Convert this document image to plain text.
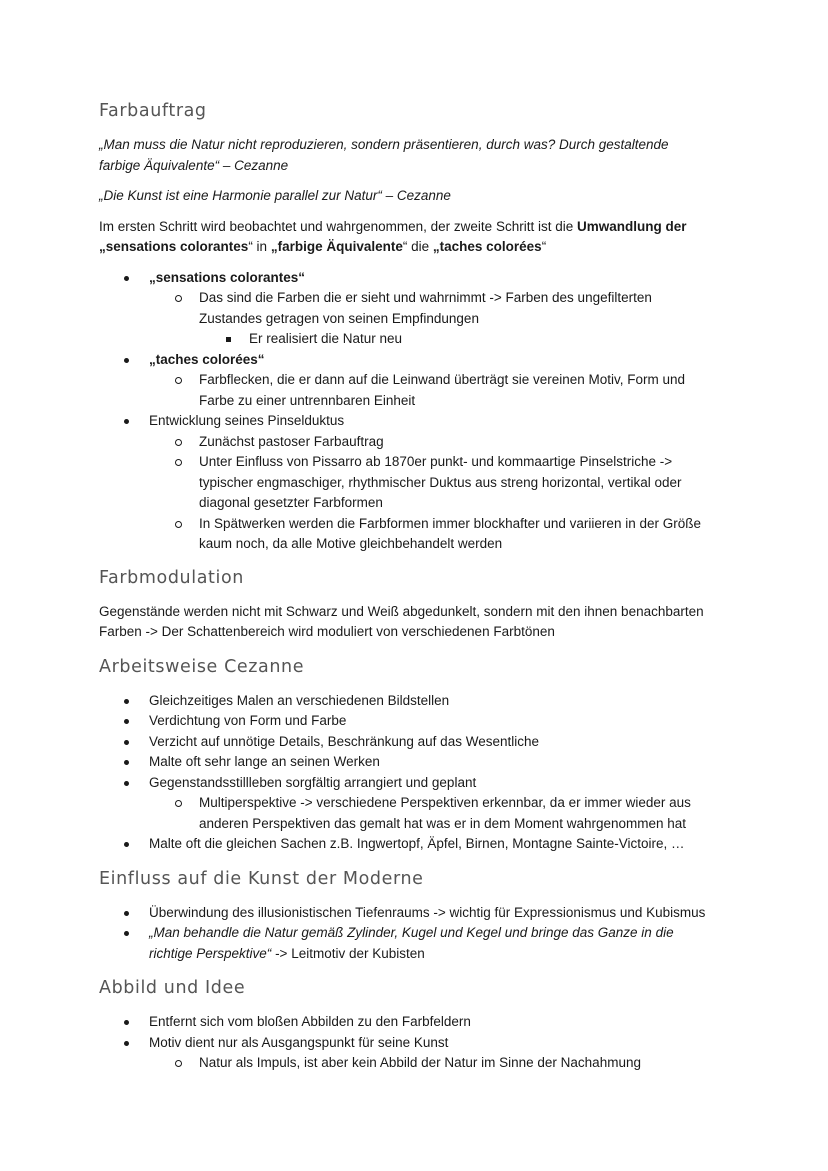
Farbauftrag

„Man muss die Natur nicht reproduzieren, sondern präsentieren, durch was? Durch gestaltende
farbige Äquivalente“ – Cezanne

„Die Kunst ist eine Harmonie parallel zur Natur“ – Cezanne

Im ersten Schritt wird beobachtet und wahrgenommen, der zweite Schritt ist die Umwandlung der
„sensations colorantes“ in „farbige Äquivalente“ die „taches colorées“

„sensations colorantes“
Das sind die Farben die er sieht und wahrnimmt -> Farben des ungefilterten
Zustandes getragen von seinen Empfindungen
Er realisiert die Natur neu
„taches colorées“
Farbflecken, die er dann auf die Leinwand überträgt sie vereinen Motiv, Form und
Farbe zu einer untrennbaren Einheit
Entwicklung seines Pinselduktus
Zunächst pastoser Farbauftrag
Unter Einfluss von Pissarro ab 1870er punkt- und kommaartige Pinselstriche ->
typischer engmaschiger, rhythmischer Duktus aus streng horizontal, vertikal oder
diagonal gesetzter Farbformen
In Spätwerken werden die Farbformen immer blockhafter und variieren in der Größe
kaum noch, da alle Motive gleichbehandelt werden
Farbmodulation

Gegenstände werden nicht mit Schwarz und Weiß abgedunkelt, sondern mit den ihnen benachbarten
Farben -> Der Schattenbereich wird moduliert von verschiedenen Farbtönen

Arbeitsweise Cezanne
Gleichzeitiges Malen an verschiedenen Bildstellen
Verdichtung von Form und Farbe
Verzicht auf unnötige Details, Beschränkung auf das Wesentliche
Malte oft sehr lange an seinen Werken
Gegenstandsstillleben sorgfältig arrangiert und geplant
Multiperspektive -> verschiedene Perspektiven erkennbar, da er immer wieder aus
anderen Perspektiven das gemalt hat was er in dem Moment wahrgenommen hat
Malte oft die gleichen Sachen z.B. Ingwertopf, Äpfel, Birnen, Montagne Sainte-Victoire, …
Einfluss auf die Kunst der Moderne
Überwindung des illusionistischen Tiefenraums -> wichtig für Expressionismus und Kubismus
„Man behandle die Natur gemäß Zylinder, Kugel und Kegel und bringe das Ganze in die
richtige Perspektive“ -> Leitmotiv der Kubisten
Abbild und Idee
Entfernt sich vom bloßen Abbilden zu den Farbfeldern
Motiv dient nur als Ausgangspunkt für seine Kunst
Natur als Impuls, ist aber kein Abbild der Natur im Sinne der Nachahmung
